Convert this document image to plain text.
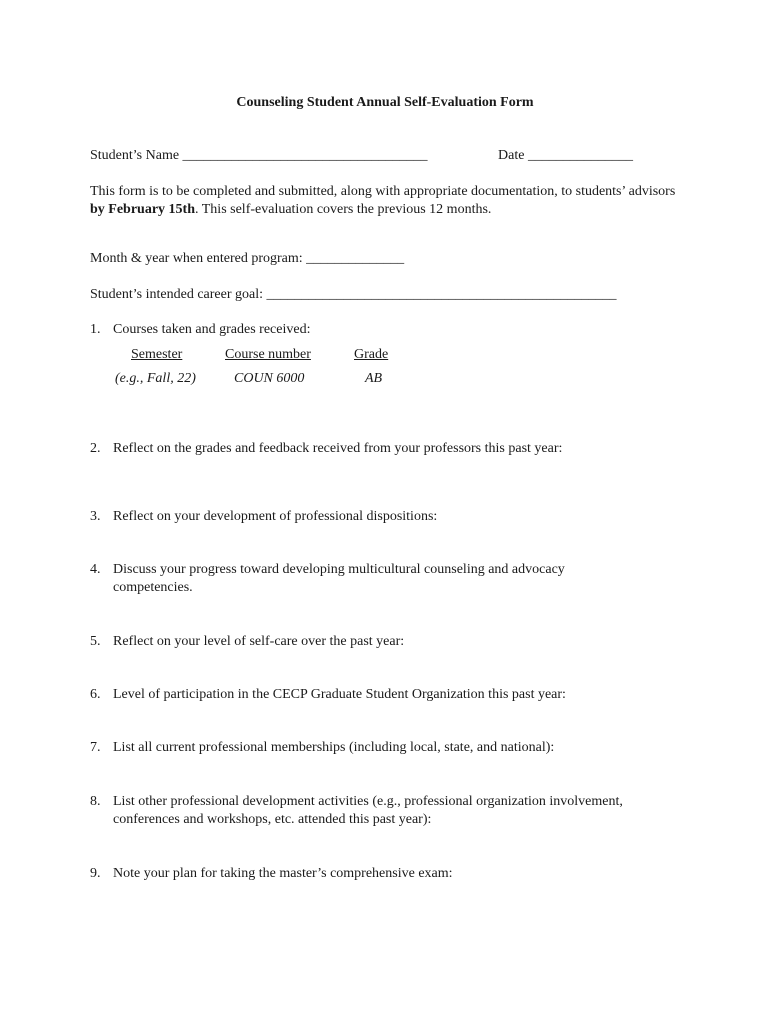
Counseling Student Annual Self-Evaluation Form
Student’s Name ___________________________________	Date _______________
This form is to be completed and submitted, along with appropriate documentation, to students’ advisors by February 15th. This self-evaluation covers the previous 12 months.
Month & year when entered program: ______________
Student’s intended career goal: __________________________________________________
1. Courses taken and grades received:
Semester	Course number	Grade
(e.g., Fall, 22)	COUN 6000	AB
2. Reflect on the grades and feedback received from your professors this past year:
3. Reflect on your development of professional dispositions:
4. Discuss your progress toward developing multicultural counseling and advocacy competencies.
5. Reflect on your level of self-care over the past year:
6. Level of participation in the CECP Graduate Student Organization this past year:
7. List all current professional memberships (including local, state, and national):
8. List other professional development activities (e.g., professional organization involvement, conferences and workshops, etc. attended this past year):
9. Note your plan for taking the master’s comprehensive exam:
